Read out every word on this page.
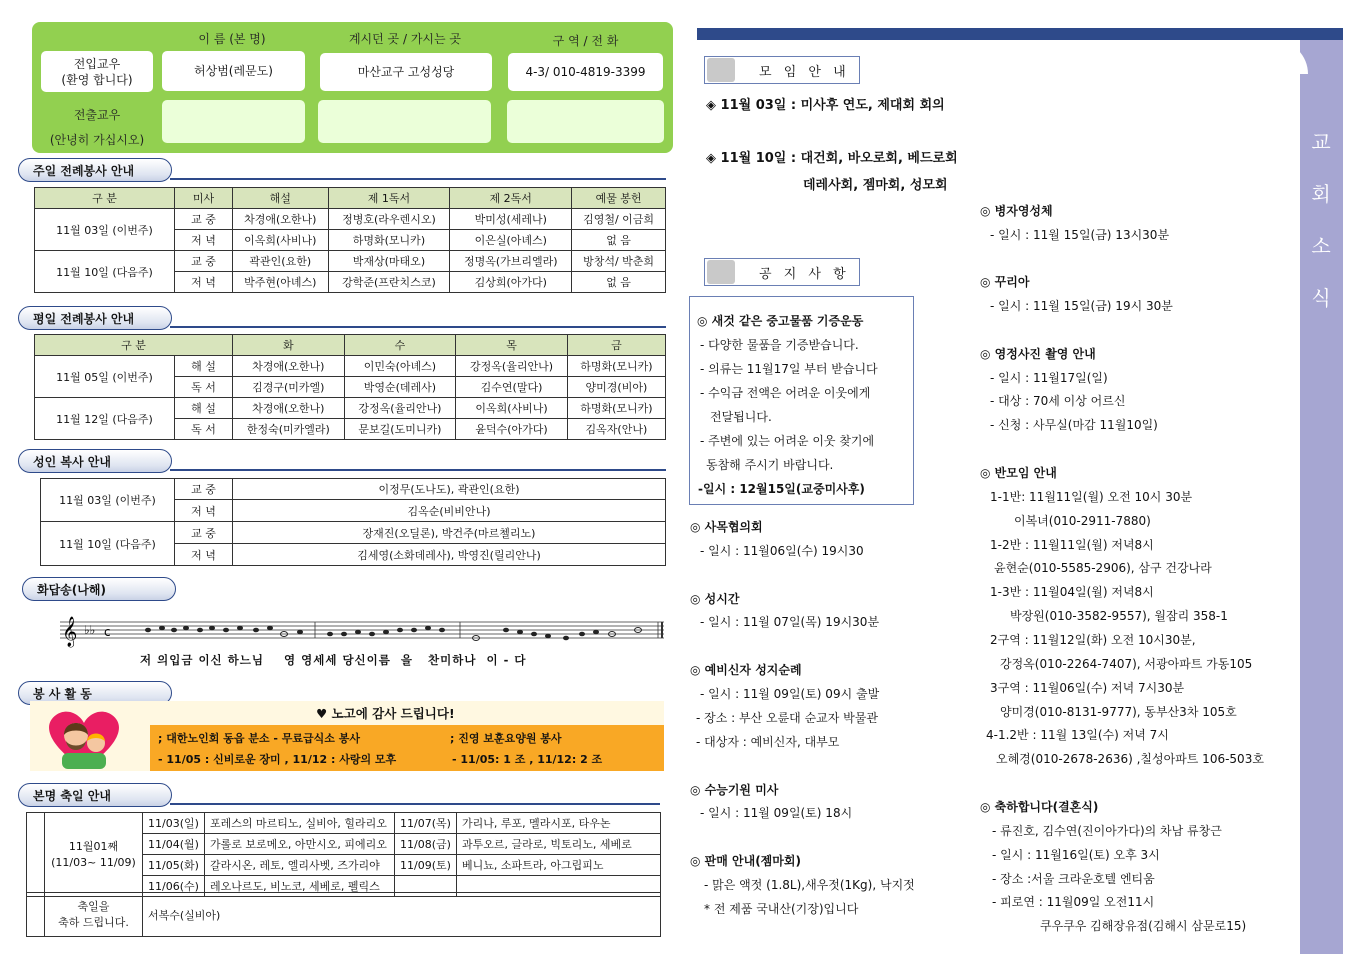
이 름 (본 명)	계시던 곳 / 가시는 곳	구 역 / 전 화
전입교우
(환영 합니다)
허상범(레문도)	마산교구 고성성당	4-3/ 010-4819-3399
전출교우
(안녕히 가십시오)
주일 전례봉사 안내
구 분	미사	해설	제 1독서	제 2독서	예물 봉헌
11월 03일 (이번주)	교 중	차경애(오한나)	정병호(라우렌시오)	박미성(세레나)	김영철/ 이금희
	저 녁	이옥희(사비나)	하명화(모니카)	이은실(아녜스)	없 음
11월 10일 (다음주)	교 중	곽관인(요한)	박재상(마태오)	정명옥(가브리엘라)	방창석/ 박춘희
	저 녁	박주현(아녜스)	강학준(프란치스코)	김상희(아가다)	없 음
평일 전례봉사 안내
구 분		화	수	목	금
11월 05일 (이번주)	해 설	차경애(오한나)	이민숙(아녜스)	강정옥(율리안나)	하명화(모니카)
	독 서	김경구(미카엘)	박영순(데레사)	김수연(말다)	양미경(비아)
11월 12일 (다음주)	해 설	차경애(오한나)	강정옥(율리안나)	이옥희(사비나)	하명화(모니카)
	독 서	한정숙(미카엘라)	문보길(도미니카)	윤덕수(아가다)	김옥자(안나)
성인 복사 안내
11월 03일 (이번주)	교 중	이정무(도나도), 곽관인(요한)
	저 녁	김옥순(비비안나)
11월 10일 (다음주)	교 중	장재진(오딜론), 박건주(마르첼리노)
	저 녁	김세영(소화데레사), 박영진(릴리안나)
화답송(나해)
𝄞 ♭♭ c
저 의입금 이신 하느님    영 영세세 당신이름  을   찬미하나  이 - 다
봉 사 활 동
♥ 노고에 감사 드립니다!
; 대한노인회 동읍 분소 - 무료급식소 봉사
- 11/05 : 신비로운 장미 , 11/12 : 사랑의 모후
; 진영 보훈요양원 봉사
- 11/05: 1 조 , 11/12: 2 조
본명 축일 안내
	11월01째
(11/03~ 11/09)	11/03(일)	포레스의 마르티노, 실비아, 힐라리오	11/07(목)	가리나, 루포, 멜라시포, 타우논
		11/04(월)	가롤로 보로메오, 아만시오, 피에리오	11/08(금)	과투오르, 글라로, 빅토리노, 세베로
		11/05(화)	갈라시온, 레토, 엘리사벳, 즈가리야	11/09(토)	베니뇨, 소파트라, 아그립피노
		11/06(수)	레오나르도, 비노코, 세베로, 펠릭스		
	축일을
축하 드립니다.	서복수(실비아)
교회소식
모 임 안 내
◈ 11월 03일 : 미사후 연도, 제대회 회의
◈ 11월 10일 : 대건회, 바오로회, 베드로회
데레사회, 젬마회, 성모회
공 지 사 항
◎ 새것 같은 중고물품 기증운동
- 다양한 물품을 기증받습니다.
- 의류는 11월17일 부터 받습니다
- 수익금 전액은 어려운 이웃에게
전달됩니다.
- 주변에 있는 어려운 이웃 찾기에
동참해 주시기 바랍니다.
-일시 : 12월15일(교중미사후)
◎ 사목협의회
- 일시 : 11월06일(수) 19시30
◎ 성시간
- 일시 : 11월 07일(목) 19시30분
◎ 예비신자 성지순례
- 일시 : 11월 09일(토) 09시 출발
- 장소 : 부산 오륜대 순교자 박물관
- 대상자 : 예비신자, 대부모
◎ 수능기원 미사
- 일시 : 11월 09일(토) 18시
◎ 판매 안내(젬마회)
- 맑은 액젓 (1.8L),새우젓(1Kg), 낙지젓
* 전 제품 국내산(기장)입니다
◎ 병자영성체
- 일시 : 11월 15일(금) 13시30분
◎ 꾸리아
- 일시 : 11월 15일(금) 19시 30분
◎ 영정사진 촬영 안내
- 일시 : 11월17일(일)
- 대상 : 70세 이상 어르신
- 신청 : 사무실(마감 11월10일)
◎ 반모임 안내
1-1반: 11월11일(월) 오전 10시 30분
이복녀(010-2911-7880)
1-2반 : 11월11일(월) 저녁8시
윤현순(010-5585-2906), 삼구 건강나라
1-3반 : 11월04일(월) 저녁8시
박장원(010-3582-9557), 월잠리 358-1
2구역 : 11월12일(화) 오전 10시30분,
강정옥(010-2264-7407), 서광아파트 가동105
3구역 : 11월06일(수) 저녁 7시30분
양미경(010-8131-9777), 동부산3차 105호
4-1.2반 : 11월 13일(수) 저녁 7시
오혜경(010-2678-2636) ,칠성아파트 106-503호
◎ 축하합니다(결혼식)
- 류진호, 김수연(진이아가다)의 차남 류창근
- 일시 : 11월16일(토) 오후 3시
- 장소 :서울 크라운호텔 엔티움
- 피로연 : 11월09일 오전11시
쿠우쿠우 김해장유점(김해시 삼문로15)
